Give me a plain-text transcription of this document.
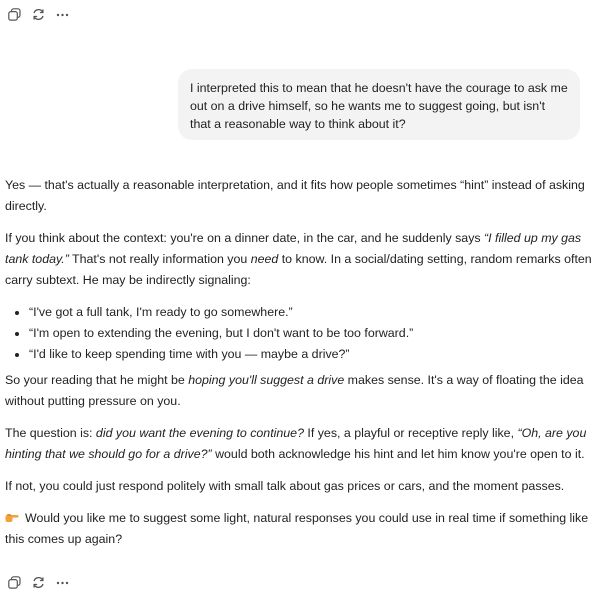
I interpreted this to mean that he doesn't have the courage to ask me out on a drive himself, so he wants me to suggest going, but isn't that a reasonable way to think about it?

Yes — that's actually a reasonable interpretation, and it fits how people sometimes “hint” instead of asking directly.

If you think about the context: you're on a dinner date, in the car, and he suddenly says “I filled up my gas tank today.” That's not really information you need to know. In a social/dating setting, random remarks often carry subtext. He may be indirectly signaling:

• “I've got a full tank, I'm ready to go somewhere.”
• “I'm open to extending the evening, but I don't want to be too forward.”
• “I'd like to keep spending time with you — maybe a drive?”

So your reading that he might be hoping you'll suggest a drive makes sense. It's a way of floating the idea without putting pressure on you.

The question is: did you want the evening to continue? If yes, a playful or receptive reply like, “Oh, are you hinting that we should go for a drive?” would both acknowledge his hint and let him know you're open to it.

If not, you could just respond politely with small talk about gas prices or cars, and the moment passes.

Would you like me to suggest some light, natural responses you could use in real time if something like this comes up again?
